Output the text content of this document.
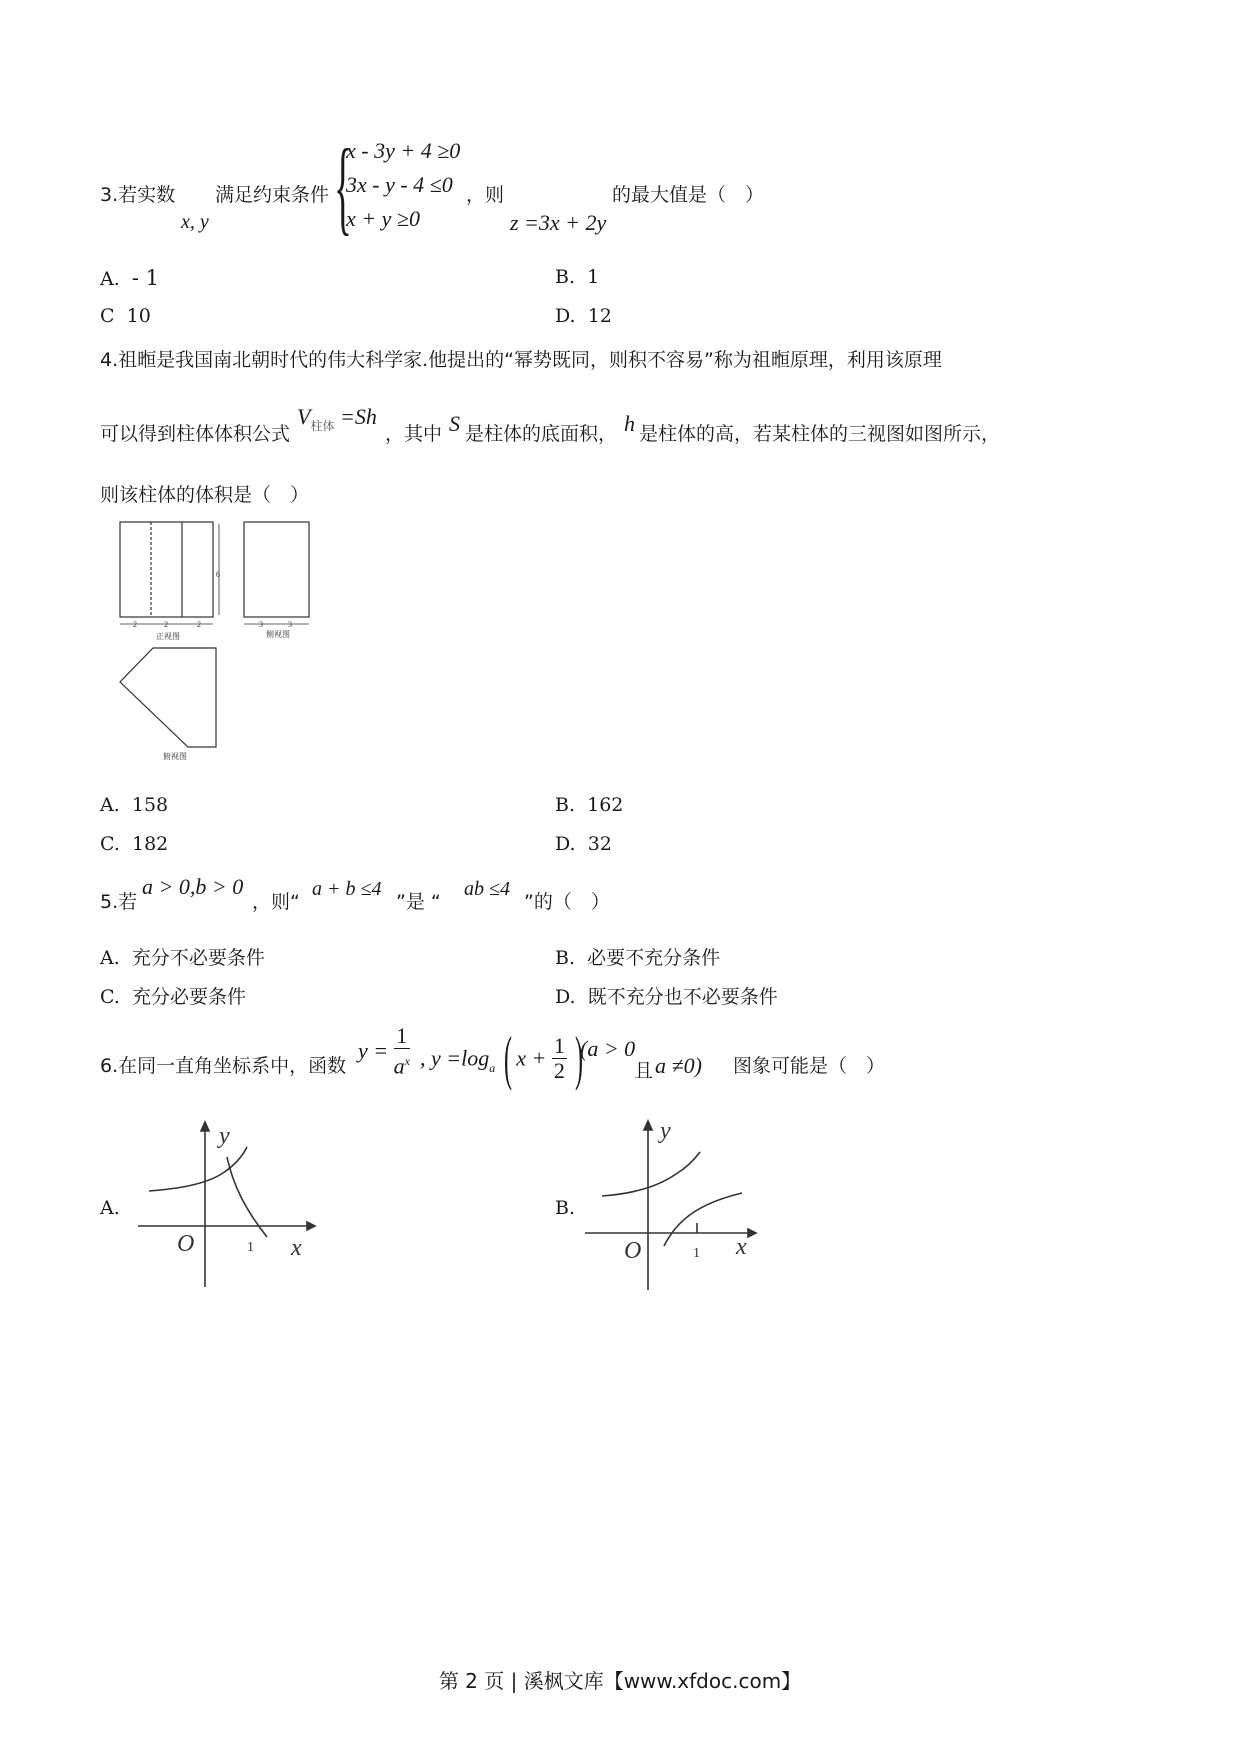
3.若实数 满足约束条件
x, y {
x - 3y + 4 ≥0
3x - y - 4 ≤0
x + y ≥0
，则
z =3x + 2y
的最大值是（　）
A. - 1	B. 1
C 10	D. 12
4.祖暅是我国南北朝时代的伟大科学家.他提出的“幂势既同，则积不容易”称为祖暅原理，利用该原理
可以得到柱体体积公式
$V_{柱体} =Sh$
，其中 S 是柱体的底面积， h 是柱体的高，若某柱体的三视图如图所示，
则该柱体的体积是（　）
6
2	2	2	3	3
正视图	侧视图
俯视图
A. 158	B. 162
C. 182	D. 32
5.若
a > 0,b > 0
，则“
a + b ≤4
”是 “
ab ≤4
”的（　）
A. 充分不必要条件	B. 必要不充分条件
C. 充分必要条件	D. 既不充分也不必要条件
6.在同一直角坐标系中，函数
$y = \frac{1}{a^x}$ , $y =\log_a$ ( $x + \frac{1}{2}$ )
(a > 0
且 a ≠0) 图象可能是（　）
A.
y
x
O	1
B.
y
x
O	1
第 2 页 | 溪枫文库【www.xfdoc.com】
